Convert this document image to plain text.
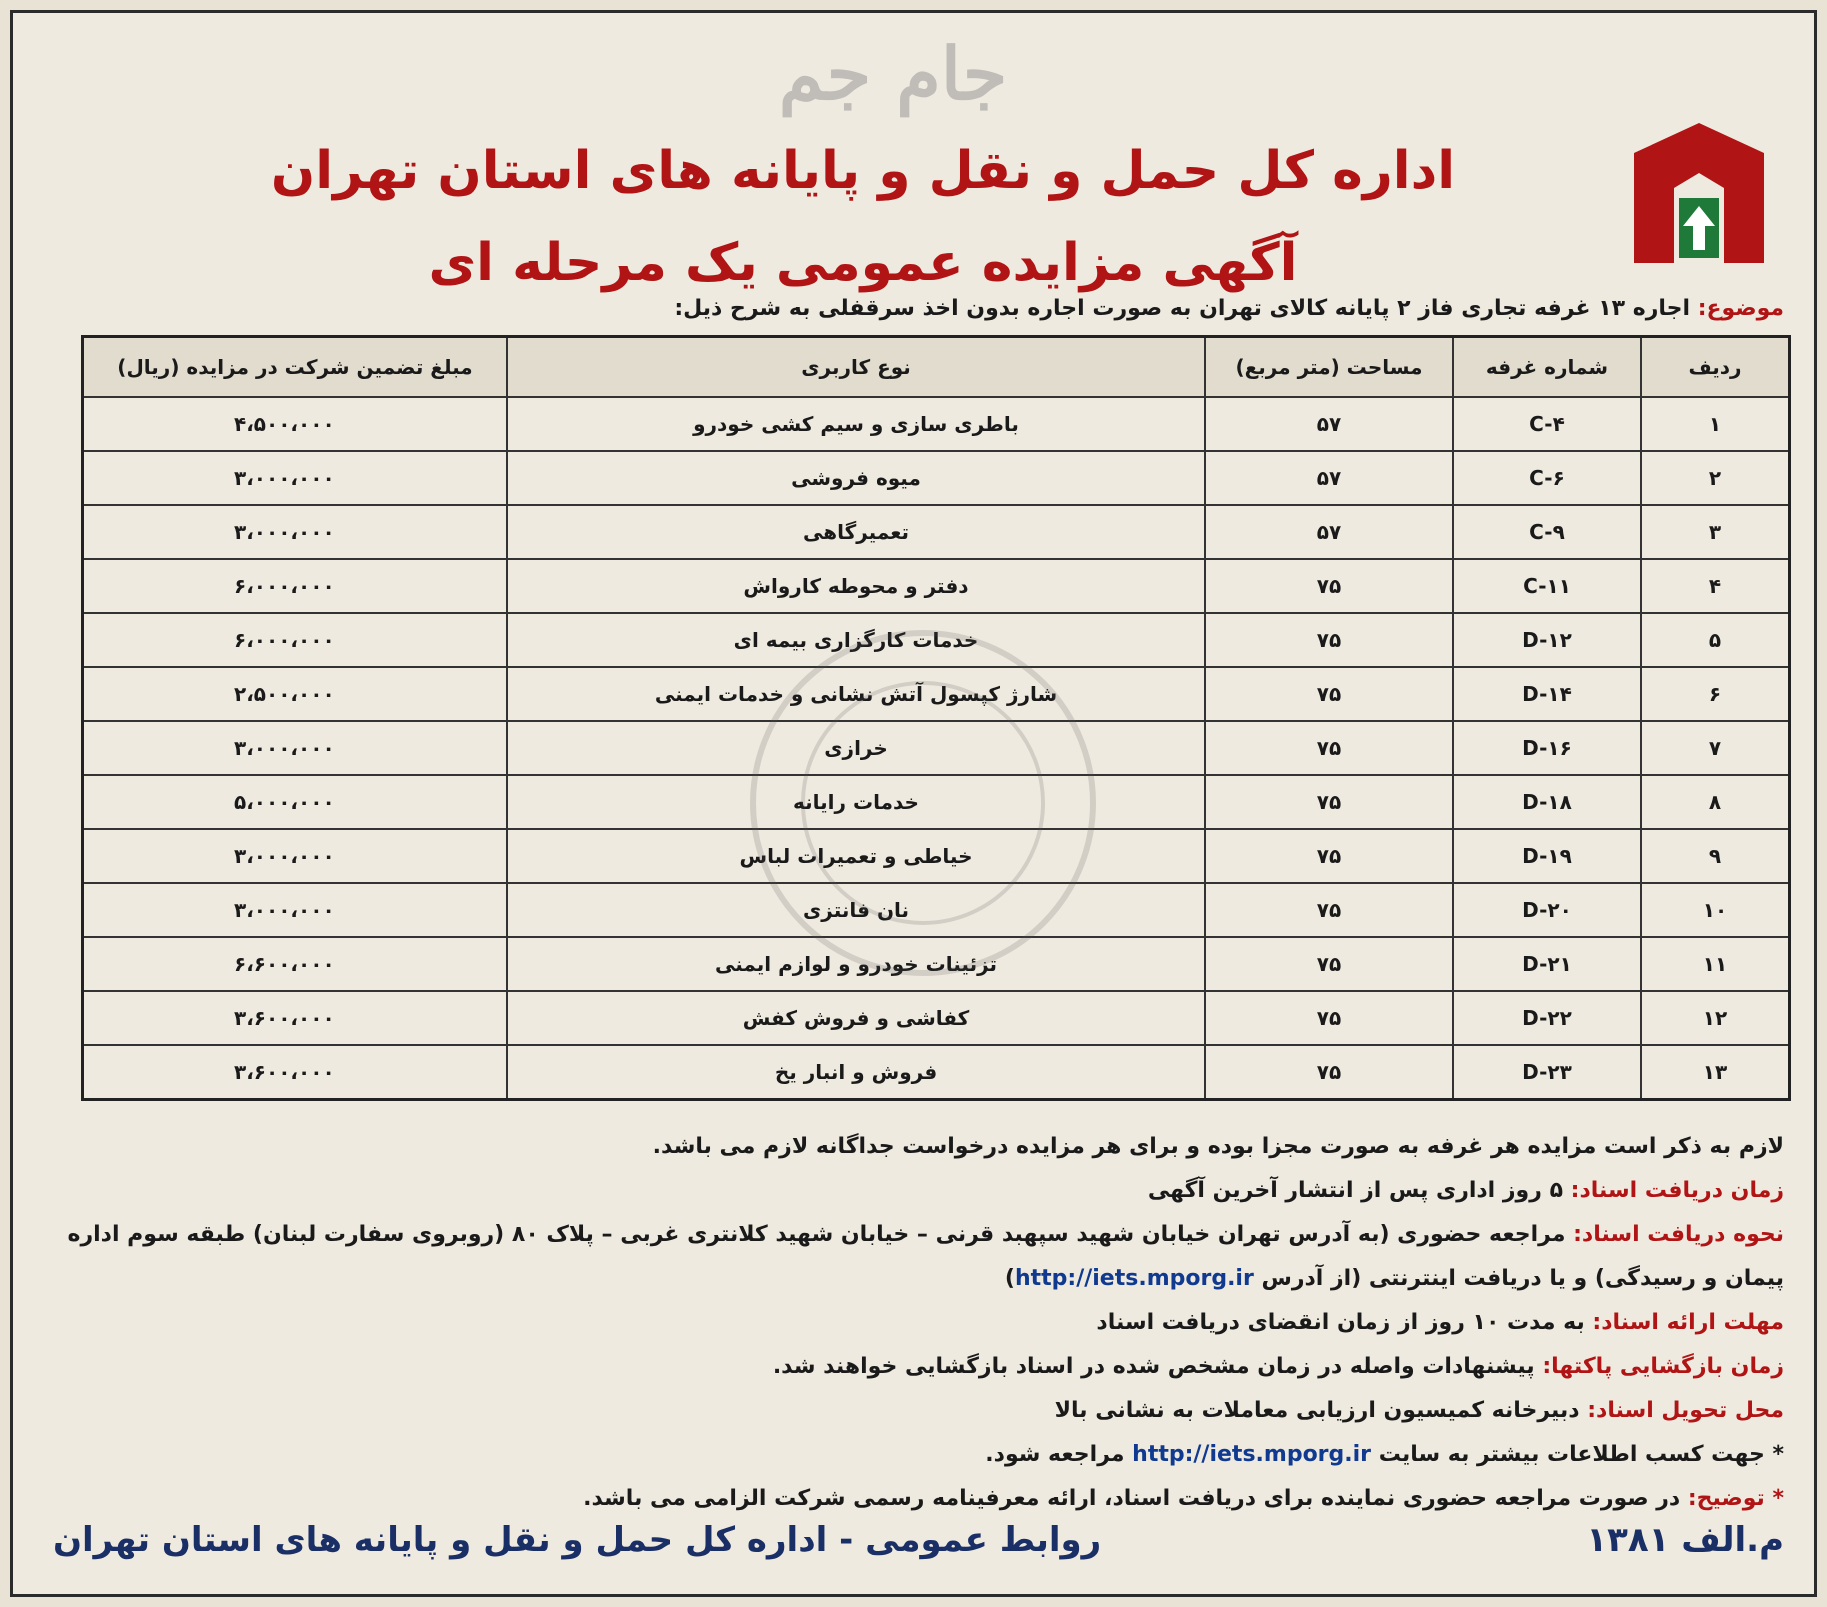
جام جم
اداره کل حمل و نقل و پایانه های استان تهران
آگهی مزایده عمومی یک مرحله ای
موضوع: اجاره ۱۳ غرفه تجاری فاز ۲ پایانه کالای تهران به صورت اجاره بدون اخذ سرقفلی به شرح ذیل:
ردیف	شماره غرفه	مساحت (متر مربع)	نوع کاربری	مبلغ تضمین شرکت در مزایده (ریال)
۱	C-۴	۵۷	باطری سازی و سیم کشی خودرو	۴،۵۰۰،۰۰۰
۲	C-۶	۵۷	میوه فروشی	۳،۰۰۰،۰۰۰
۳	C-۹	۵۷	تعمیرگاهی	۳،۰۰۰،۰۰۰
۴	C-۱۱	۷۵	دفتر و محوطه کارواش	۶،۰۰۰،۰۰۰
۵	D-۱۲	۷۵	خدمات کارگزاری بیمه ای	۶،۰۰۰،۰۰۰
۶	D-۱۴	۷۵	شارژ کپسول آتش نشانی و خدمات ایمنی	۲،۵۰۰،۰۰۰
۷	D-۱۶	۷۵	خرازی	۳،۰۰۰،۰۰۰
۸	D-۱۸	۷۵	خدمات رایانه	۵،۰۰۰،۰۰۰
۹	D-۱۹	۷۵	خیاطی و تعمیرات لباس	۳،۰۰۰،۰۰۰
۱۰	D-۲۰	۷۵	نان فانتزی	۳،۰۰۰،۰۰۰
۱۱	D-۲۱	۷۵	تزئینات خودرو و لوازم ایمنی	۶،۶۰۰،۰۰۰
۱۲	D-۲۲	۷۵	کفاشی و فروش کفش	۳،۶۰۰،۰۰۰
۱۳	D-۲۳	۷۵	فروش و انبار یخ	۳،۶۰۰،۰۰۰

لازم به ذکر است مزایده هر غرفه به صورت مجزا بوده و برای هر مزایده درخواست جداگانه لازم می باشد.

زمان دریافت اسناد: ۵ روز اداری پس از انتشار آخرین آگهی

نحوه دریافت اسناد: مراجعه حضوری (به آدرس تهران خیابان شهید سپهبد قرنی – خیابان شهید کلانتری غربی – پلاک ۸۰ (روبروی سفارت لبنان) طبقه سوم اداره پیمان و رسیدگی) و یا دریافت اینترنتی (از آدرس http://iets.mporg.ir)

مهلت ارائه اسناد: به مدت ۱۰ روز از زمان انقضای دریافت اسناد

زمان بازگشایی پاکتها: پیشنهادات واصله در زمان مشخص شده در اسناد بازگشایی خواهند شد.

محل تحویل اسناد: دبیرخانه کمیسیون ارزیابی معاملات به نشانی بالا

* جهت کسب اطلاعات بیشتر به سایت http://iets.mporg.ir مراجعه شود.

* توضیح: در صورت مراجعه حضوری نماینده برای دریافت اسناد، ارائه معرفینامه رسمی شرکت الزامی می باشد.

م.الف ۱۳۸۱
روابط عمومی - اداره کل حمل و نقل و پایانه های استان تهران
